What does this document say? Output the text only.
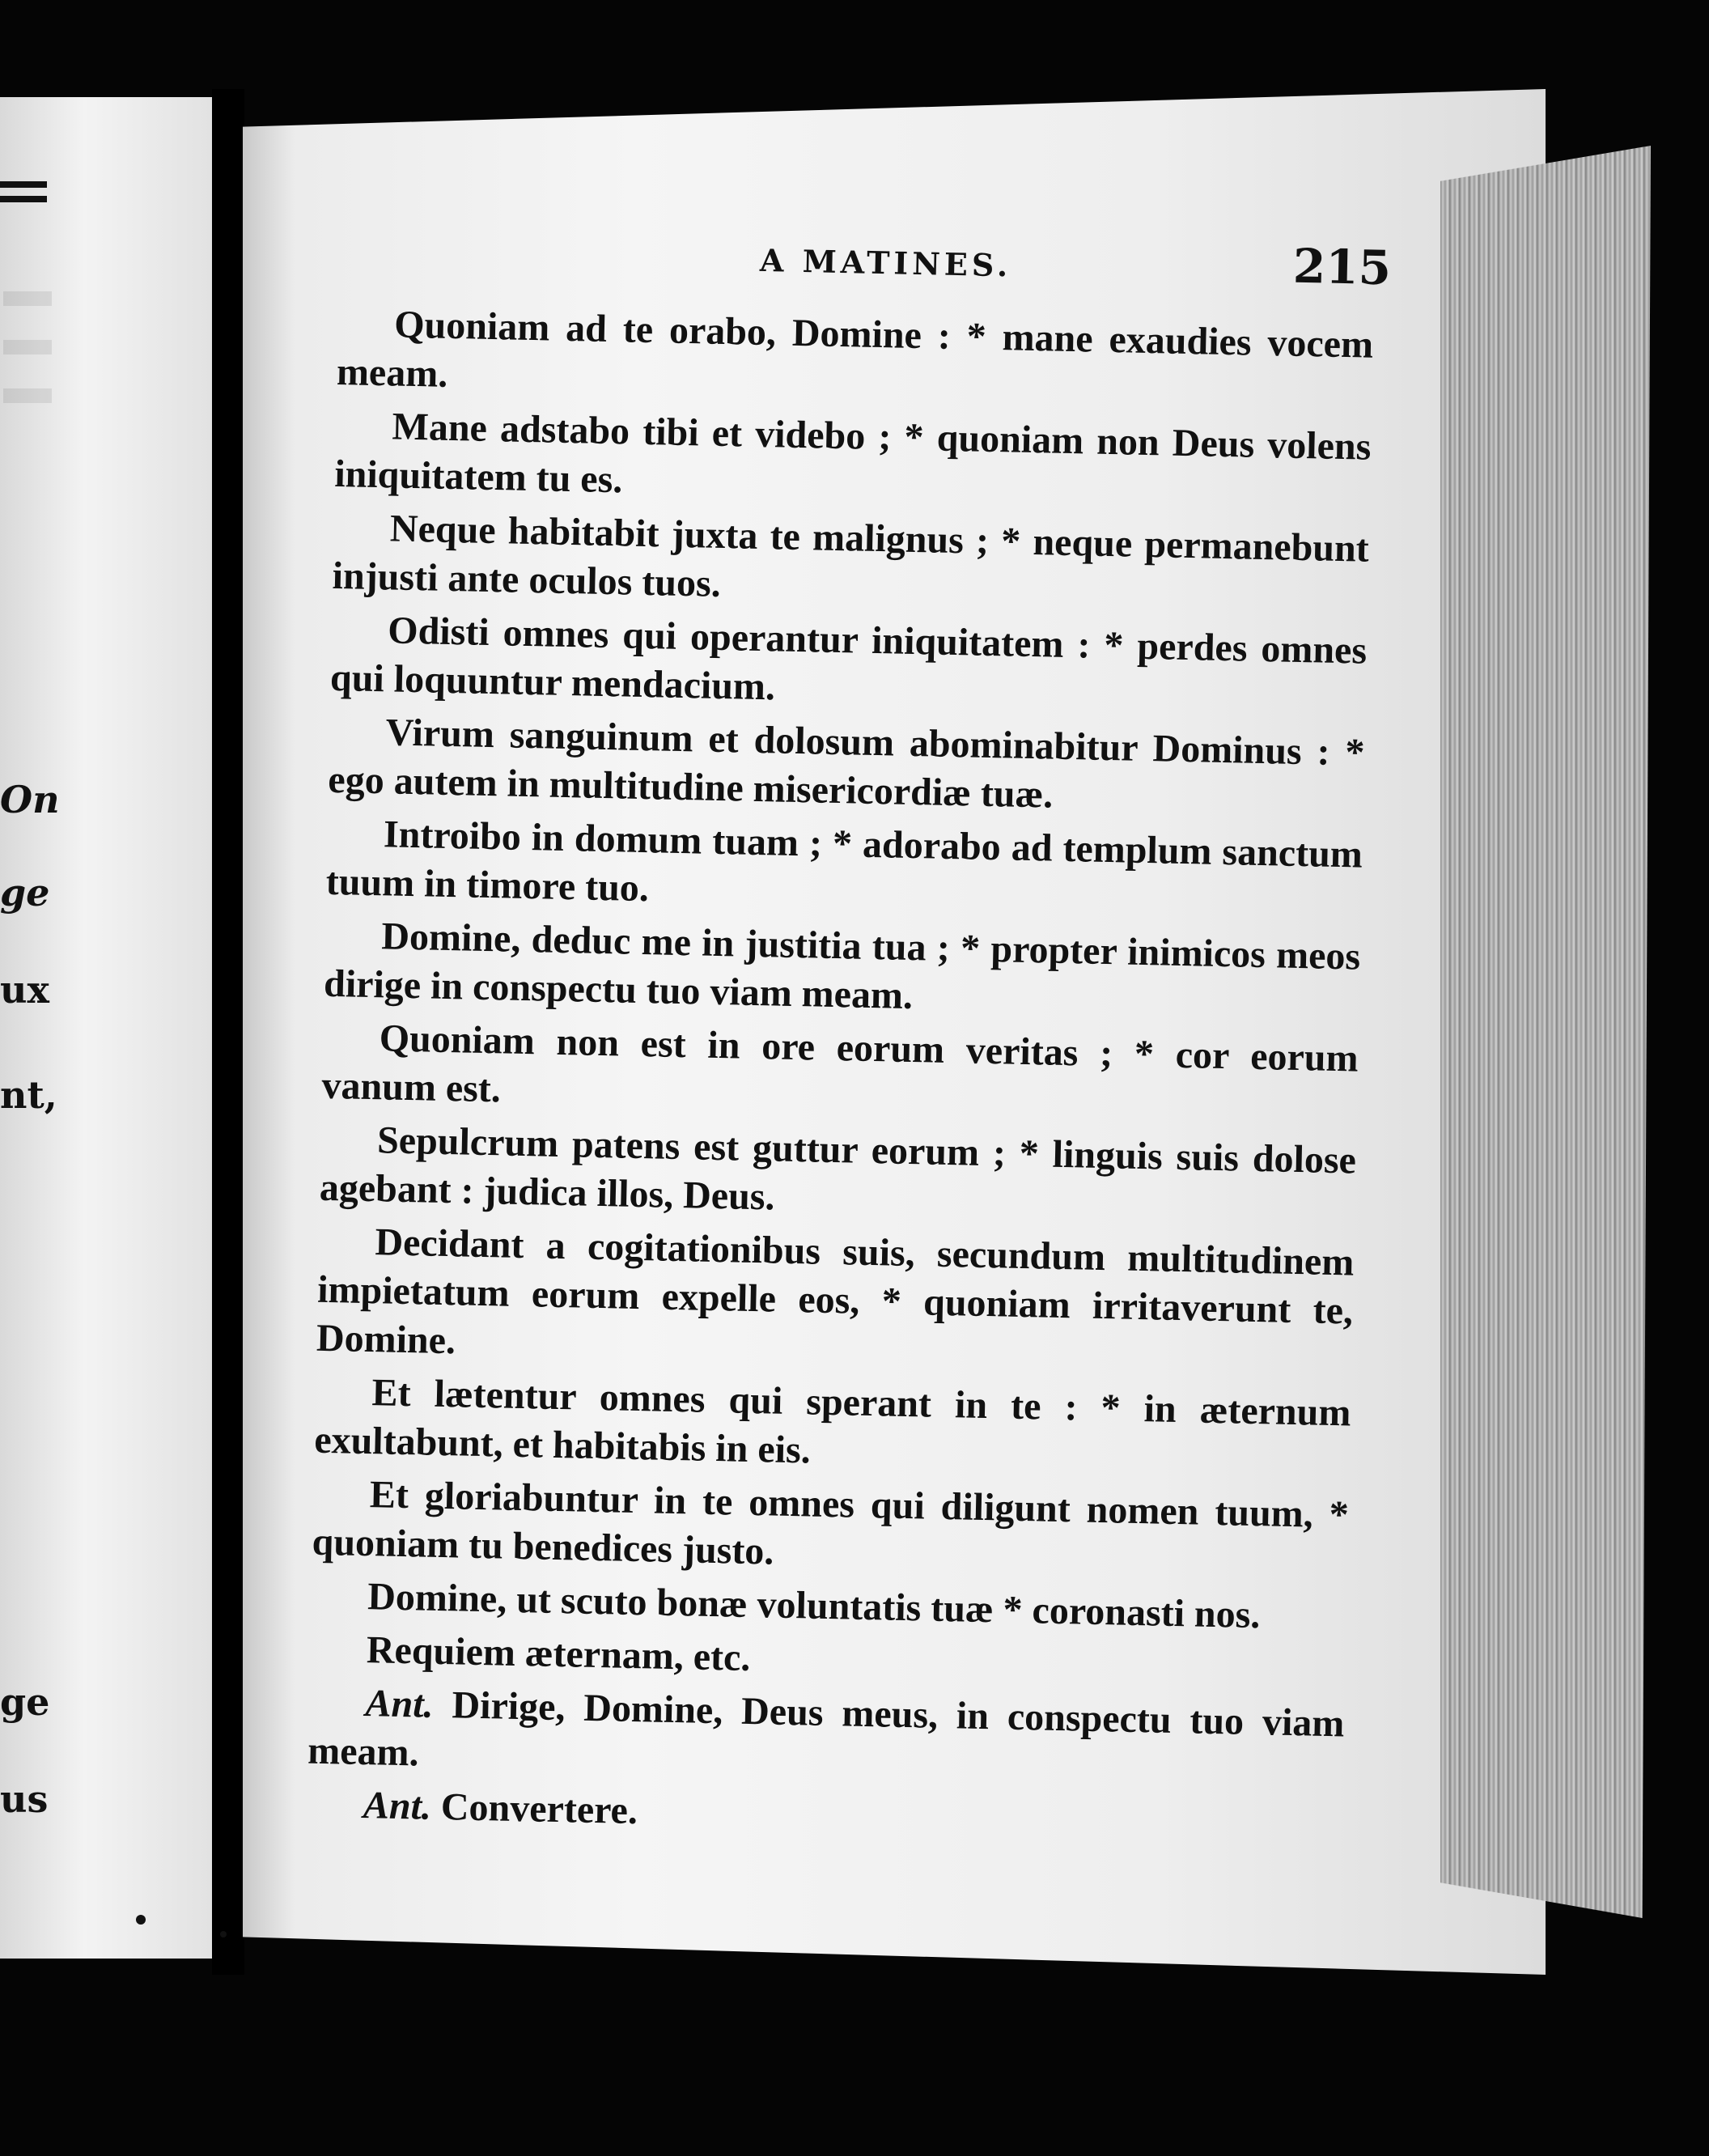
On
ge
ux
nt,
ge
us
A MATINES.	215

Quoniam ad te orabo, Domine : * mane exaudies vocem meam.

Mane adstabo tibi et videbo ; * quoniam non Deus volens iniquitatem tu es.

Neque habitabit juxta te malignus ; * neque permanebunt injusti ante oculos tuos.

Odisti omnes qui operantur iniquitatem : * perdes omnes qui loquuntur mendacium.

Virum sanguinum et dolosum abominabitur Dominus : * ego autem in multitudine misericordiæ tuæ.

Introibo in domum tuam ; * adorabo ad templum sanctum tuum in timore tuo.

Domine, deduc me in justitia tua ; * propter inimicos meos dirige in conspectu tuo viam meam.

Quoniam non est in ore eorum veritas ; * cor eorum vanum est.

Sepulcrum patens est guttur eorum ; * linguis suis dolose agebant : judica illos, Deus.

Decidant a cogitationibus suis, secundum multitudinem impietatum eorum expelle eos, * quoniam irritaverunt te, Domine.

Et lætentur omnes qui sperant in te : * in æternum exultabunt, et habitabis in eis.

Et gloriabuntur in te omnes qui diligunt nomen tuum, * quoniam tu benedices justo.

Domine, ut scuto bonæ voluntatis tuæ * coronasti nos.

Requiem æternam, etc.

Ant. Dirige, Domine, Deus meus, in conspectu tuo viam meam.

Ant. Convertere.
